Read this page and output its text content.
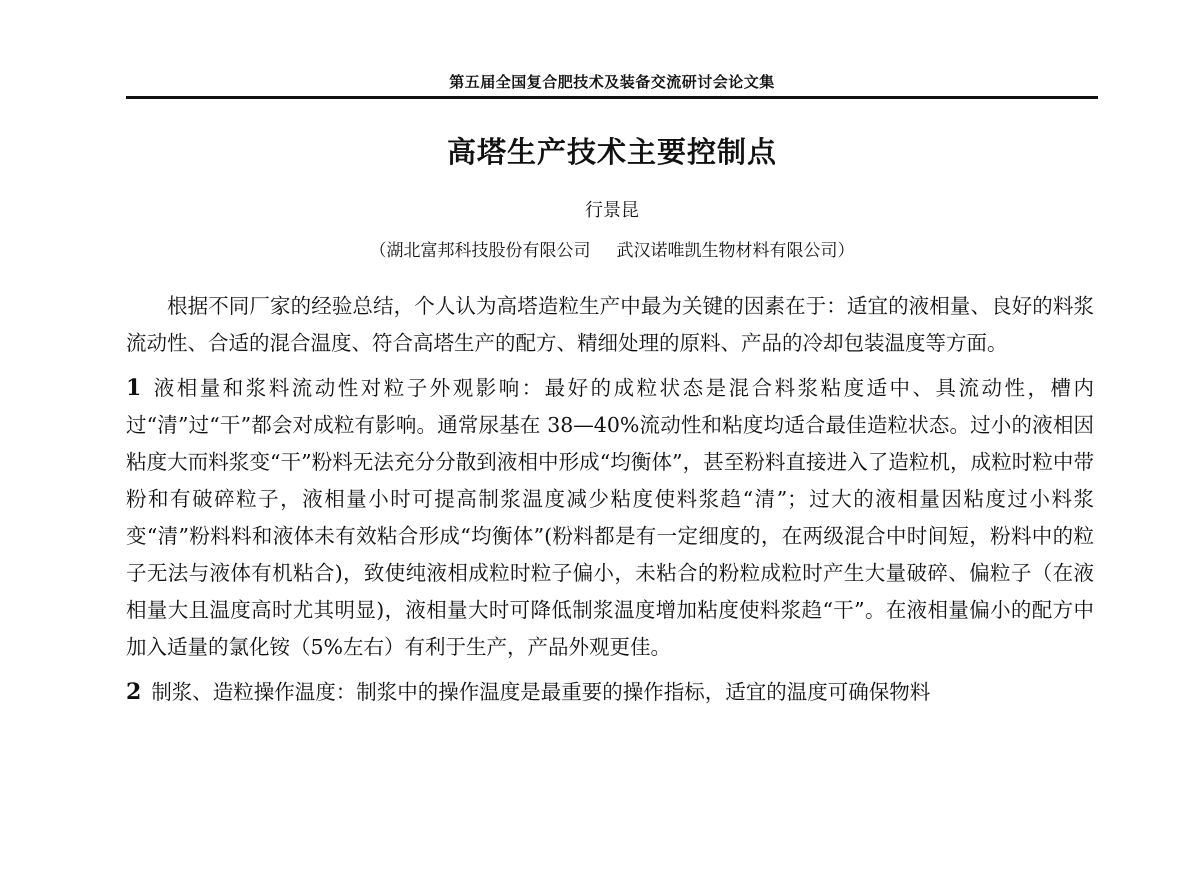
第五届全国复合肥技术及装备交流研讨会论文集
高塔生产技术主要控制点
行景昆
（湖北富邦科技股份有限公司 武汉诺唯凯生物材料有限公司）

根据不同厂家的经验总结，个人认为高塔造粒生产中最为关键的因素在于：适宜的液相量、良好的料浆流动性、合适的混合温度、符合高塔生产的配方、精细处理的原料、产品的冷却包装温度等方面。

1 液相量和浆料流动性对粒子外观影响：最好的成粒状态是混合料浆粘度适中、具流动性，槽内过“清”过“干”都会对成粒有影响。通常尿基在 38—40%流动性和粘度均适合最佳造粒状态。过小的液相因粘度大而料浆变“干”粉料无法充分分散到液相中形成“均衡体”，甚至粉料直接进入了造粒机，成粒时粒中带粉和有破碎粒子，液相量小时可提高制浆温度减少粘度使料浆趋“清”；过大的液相量因粘度过小料浆变“清”粉料料和液体未有效粘合形成“均衡体”(粉料都是有一定细度的，在两级混合中时间短，粉料中的粒子无法与液体有机粘合)，致使纯液相成粒时粒子偏小，未粘合的粉粒成粒时产生大量破碎、偏粒子（在液相量大且温度高时尤其明显)，液相量大时可降低制浆温度增加粘度使料浆趋“干”。在液相量偏小的配方中加入适量的氯化铵（5%左右）有利于生产，产品外观更佳。

2 制浆、造粒操作温度：制浆中的操作温度是最重要的操作指标，适宜的温度可确保物料
